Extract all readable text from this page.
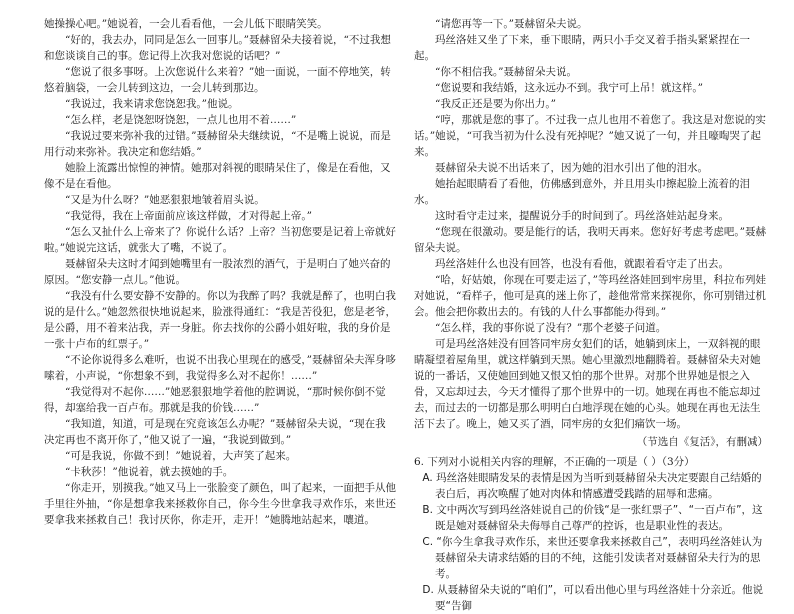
她操操心吧。”她说着，一会儿看看他，一会儿低下眼睛笑笑。

“好的，我去办，同同是怎么一回事儿。”聂赫留朵夫接着说，“不过我想和您谈谈自己的事。您记得上次我对您说的话吧？”

“您说了很多事呀。上次您说什么来着？”她一面说，一面不停地笑，转悠着脑袋，一会儿转到这边，一会儿转到那边。

“我说过，我来请求您饶恕我。”他说。

“怎么样，老是饶恕呀饶恕，一点儿也用不着……”

“我说过要来弥补我的过错。”聂赫留朵夫继续说，“不是嘴上说说，而是用行动来弥补。我决定和您结婚。”

她脸上流露出惊惶的神情。她那对斜视的眼睛呆住了，像是在看他，又像不是在看他。

“又是为什么呀？”她恶狠狠地皱着眉头说。

“我觉得，我在上帝面前应该这样做，才对得起上帝。”

“怎么又扯什么上帝来了？你说什么话？上帝？当初您要是记着上帝就好啦。”她说完这话，就张大了嘴，不说了。

聂赫留朵夫这时才闻到她嘴里有一股浓烈的酒气，于是明白了她兴奋的原因。“您安静一点儿。”他说。

“我没有什么要安静不安静的。你以为我醉了吗？我就是醉了，也明白我说的是什么。”她忽然很快地说起来，脸涨得通红：“我是苦役犯，您是老爷，是公爵，用不着来沾我，弄一身脏。你去找你的公爵小姐好啦，我的身价是一张十卢布的红票子。”

“不论你说得多么难听，也说不出我心里现在的感受，”聂赫留朵夫浑身哆嗦着，小声说，“你想象不到，我觉得多么对不起你！……”

“我觉得对不起你……”她恶狠狠地学着他的腔调说，“那时候你倒不觉得，却塞给我一百卢布。那就是我的价钱……”

“我知道，知道，可是现在究竟该怎么办呢？”聂赫留朵夫说，“现在我决定再也不离开你了，”他又说了一遍，“我说到做到。”

“可是我说，你做不到！”她说着，大声笑了起来。

“卡秋莎！”他说着，就去摸她的手。

“你走开，别摸我。”她又马上一张脸变了颜色，叫了起来，一面把手从他手里往外抽，“你是想拿我来拯救你自己，你今生今世拿我寻欢作乐，来世还要拿我来拯救自己！我讨厌你，你走开，走开！”她腾地站起来，嚷道。

“请您再等一下。”聂赫留朵夫说。

玛丝洛娃又坐了下来，垂下眼睛，两只小手交叉着手指头紧紧捏在一起。

“你不相信我。”聂赫留朵夫说。

“您说要和我结婚，这永远办不到。我宁可上吊！就这样。”

“我反正还是要为你出力。”

“哼，那就是您的事了。不过我一点儿也用不着您了。我这是对您说的实话。”她说，“可我当初为什么没有死掉呢？”她又说了一句，并且嚎啕哭了起来。

聂赫留朵夫说不出话来了，因为她的泪水引出了他的泪水。

她抬起眼睛看了看他，仿佛感到意外，并且用头巾擦起脸上流着的泪水。

这时看守走过来，提醒说分手的时间到了。玛丝洛娃站起身来。

“您现在很激动。要是能行的话，我明天再来。您好好考虑考虑吧。”聂赫留朵夫说。

玛丝洛娃什么也没有回答，也没有看他，就跟着看守走了出去。

“哈，好姑娘，你现在可要走运了，”等玛丝洛娃回到牢房里，科拉布列娃对她说，“看样子，他可是真的迷上你了，趁他常常来探视你，你可别错过机会。他会把你救出去的。有钱的人什么事都能办得到。”

“怎么样，我的事你说了没有？”那个老婆子问道。

可是玛丝洛娃没有回答同牢房女犯们的话，她躺到床上，一双斜视的眼睛凝望着屋角里，就这样躺到天黑。她心里激烈地翻腾着。聂赫留朵夫对她说的一番话，又使她回到她又恨又怕的那个世界。对那个世界她是恨之入骨，又忘却过去，今天才懂得了那个世界中的一切。她现在再也不能忘却过去，而过去的一切都是那么明明白白地浮现在她的心头。她现在再也无法生活下去了。晚上，她又买了酒，同牢房的女犯们痛饮一场。

（节选自《复活》，有删减）

6. 下列对小说相关内容的理解，不正确的一项是（ ）（3分）

A. 玛丝洛娃眼睛发呆的表情是因为当听到聂赫留朵夫决定要跟自己结婚的表白后，再次唤醒了她对肉体和情感遭受践踏的屈辱和悲痛。

B. 文中两次写到玛丝洛娃说自己的价钱“是一张红票子”、“一百卢布”，这既是她对聂赫留朵夫侮辱自己尊严的控诉，也是职业性的表达。

C. “你今生拿我寻欢作乐，来世还要拿我来拯救自己”，表明玛丝洛娃认为聂赫留朵夫请求结婚的目的不纯，这能引发读者对聂赫留朵夫行为的思考。

D. 从聂赫留朵夫说的“咱们”，可以看出他心里与玛丝洛娃十分亲近。他说要“告御
